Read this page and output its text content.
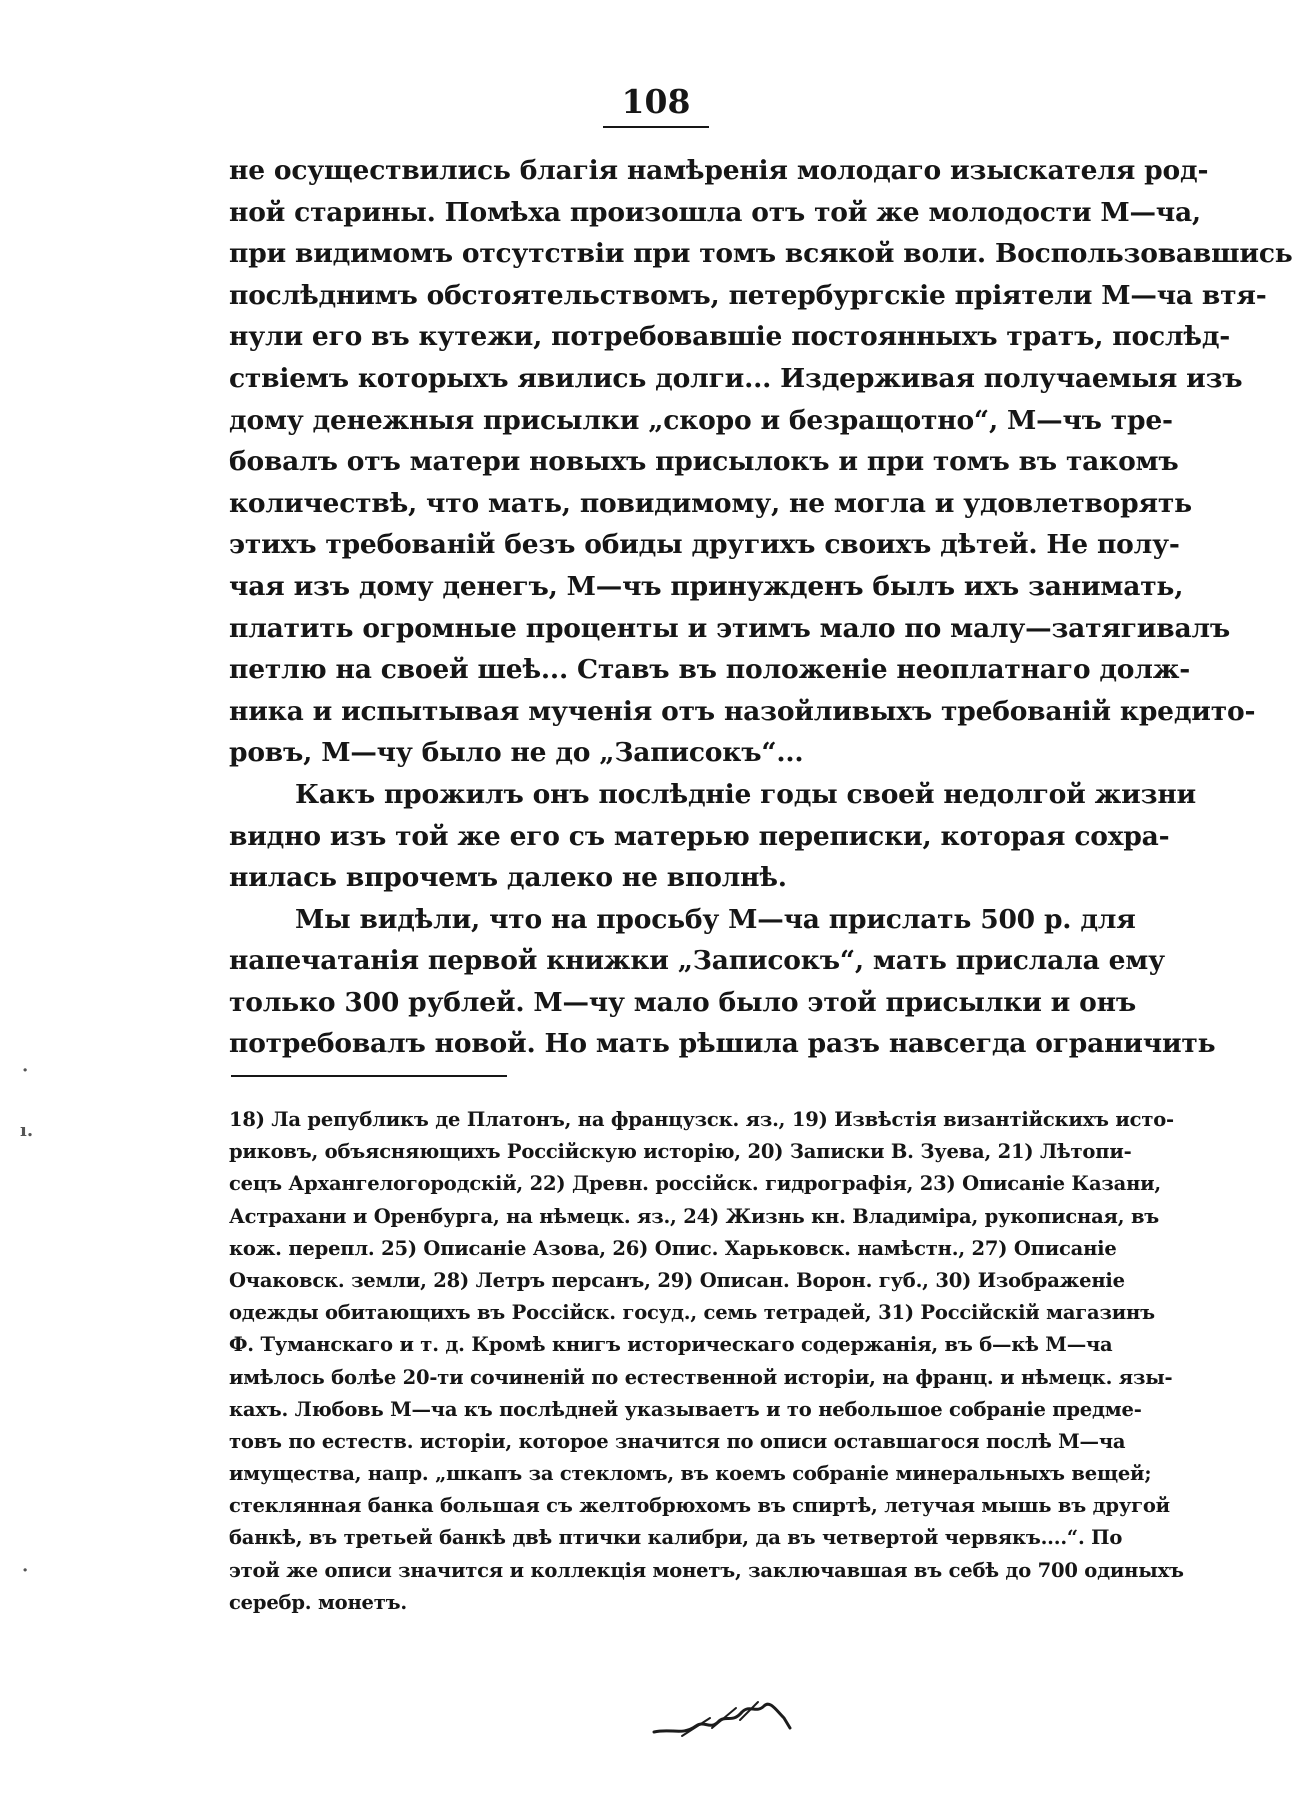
108
не осуществились благія намѣренія молодаго изыскателя род-
ной старины. Помѣха произошла отъ той же молодости М—ча,
при видимомъ отсутствіи при томъ всякой воли. Воспользовавшись
послѣднимъ обстоятельствомъ, петербургскіе пріятели М—ча втя-
нули его въ кутежи, потребовавшіе постоянныхъ тратъ, послѣд-
ствіемъ которыхъ явились долги... Издерживая получаемыя изъ
дому денежныя присылки „скоро и безращотно“, М—чъ тре-
бовалъ отъ матери новыхъ присылокъ и при томъ въ такомъ
количествѣ, что мать, повидимому, не могла и удовлетворять
этихъ требованій безъ обиды другихъ своихъ дѣтей. Не полу-
чая изъ дому денегъ, М—чъ принужденъ былъ ихъ занимать,
платить огромные проценты и этимъ мало по малу—затягивалъ
петлю на своей шеѣ... Ставъ въ положеніе неоплатнаго долж-
ника и испытывая мученія отъ назойливыхъ требованій кредито-
ровъ, М—чу было не до „Записокъ“...
Какъ прожилъ онъ послѣдніе годы своей недолгой жизни
видно изъ той же его съ матерью переписки, которая сохра-
нилась впрочемъ далеко не вполнѣ.
Мы видѣли, что на просьбу М—ча прислать 500 р. для
напечатанія первой книжки „Записокъ“, мать прислала ему
только 300 рублей. М—чу мало было этой присылки и онъ
потребовалъ новой. Но мать рѣшила разъ навсегда ограничить
18) Ла републикъ де Платонъ, на французск. яз., 19) Извѣстія византійскихъ исто-
риковъ, объясняющихъ Россійскую исторію, 20) Записки В. Зуева, 21) Лѣтопи-
сецъ Архангелогородскій, 22) Древн. россійск. гидрографія, 23) Описаніе Казани,
Астрахани и Оренбурга, на нѣмецк. яз., 24) Жизнь кн. Владиміра, рукописная, въ
кож. перепл. 25) Описаніе Азова, 26) Опис. Харьковск. намѣстн., 27) Описаніе
Очаковск. земли, 28) Летръ персанъ, 29) Описан. Ворон. губ., 30) Изображеніе
одежды обитающихъ въ Россійск. госуд., семь тетрадей, 31) Россійскій магазинъ
Ф. Туманскаго и т. д. Кромѣ книгъ историческаго содержанія, въ б—кѣ М—ча
имѣлось болѣе 20-ти сочиненій по естественной исторіи, на франц. и нѣмецк. язы-
кахъ. Любовь М—ча къ послѣдней указываетъ и то небольшое собраніе предме-
товъ по естеств. исторіи, которое значится по описи оставшагося послѣ М—ча
имущества, напр. „шкапъ за стекломъ, въ коемъ собраніе минеральныхъ вещей;
стеклянная банка большая съ желтобрюхомъ въ спиртѣ, летучая мышь въ другой
банкѣ, въ третьей банкѣ двѣ птички калибри, да въ четвертой червякъ....“. По
этой же описи значится и коллекція монетъ, заключавшая въ себѣ до 700 одиныхъ
серебр. монетъ.
ı.
·
·
